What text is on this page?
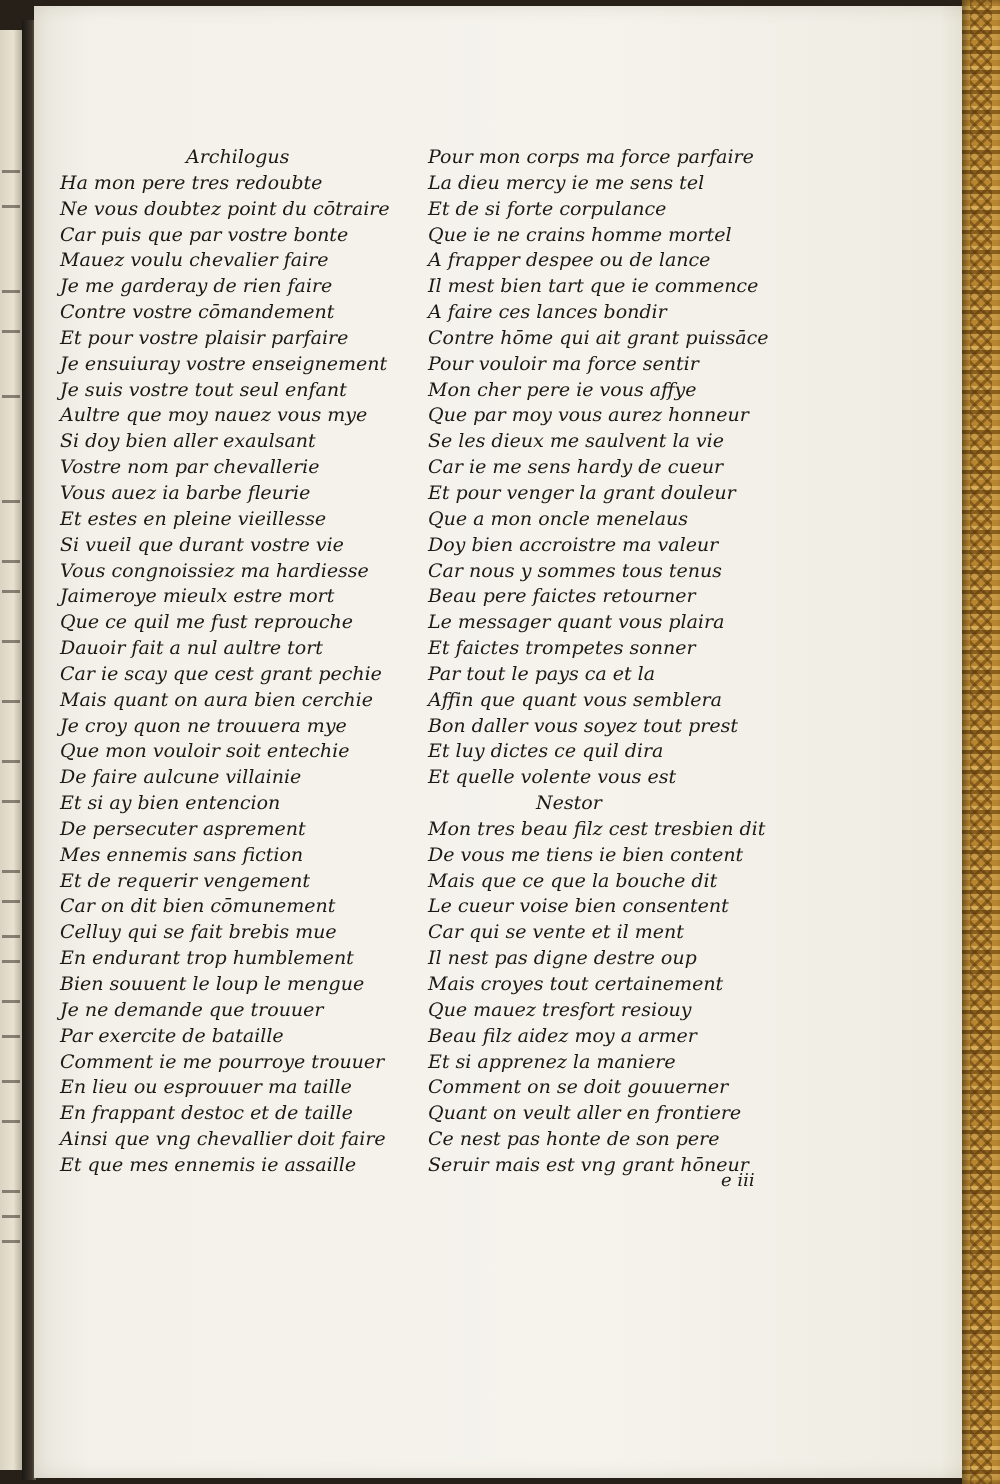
Archilogus
Ha mon pere tres redoubte
Ne vous doubtez point du cōtraire
Car puis que par vostre bonte
Mauez voulu chevalier faire
Je me garderay de rien faire
Contre vostre cōmandement
Et pour vostre plaisir parfaire
Je ensuiuray vostre enseignement
Je suis vostre tout seul enfant
Aultre que moy nauez vous mye
Si doy bien aller exaulsant
Vostre nom par chevallerie
Vous auez ia barbe fleurie
Et estes en pleine vieillesse
Si vueil que durant vostre vie
Vous congnoissiez ma hardiesse
Jaimeroye mieulx estre mort
Que ce quil me fust reprouche
Dauoir fait a nul aultre tort
Car ie scay que cest grant pechie
Mais quant on aura bien cerchie
Je croy quon ne trouuera mye
Que mon vouloir soit entechie
De faire aulcune villainie
Et si ay bien entencion
De persecuter asprement
Mes ennemis sans fiction
Et de requerir vengement
Car on dit bien cōmunement
Celluy qui se fait brebis mue
En endurant trop humblement
Bien souuent le loup le mengue
Je ne demande que trouuer
Par exercite de bataille
Comment ie me pourroye trouuer
En lieu ou esprouuer ma taille
En frappant destoc et de taille
Ainsi que vng chevallier doit faire
Et que mes ennemis ie assaille
Pour mon corps ma force parfaire
La dieu mercy ie me sens tel
Et de si forte corpulance
Que ie ne crains homme mortel
A frapper despee ou de lance
Il mest bien tart que ie commence
A faire ces lances bondir
Contre hōme qui ait grant puissāce
Pour vouloir ma force sentir
Mon cher pere ie vous affye
Que par moy vous aurez honneur
Se les dieux me saulvent la vie
Car ie me sens hardy de cueur
Et pour venger la grant douleur
Que a mon oncle menelaus
Doy bien accroistre ma valeur
Car nous y sommes tous tenus
Beau pere faictes retourner
Le messager quant vous plaira
Et faictes trompetes sonner
Par tout le pays ca et la
Affin que quant vous semblera
Bon daller vous soyez tout prest
Et luy dictes ce quil dira
Et quelle volente vous est
Nestor
Mon tres beau filz cest tresbien dit
De vous me tiens ie bien content
Mais que ce que la bouche dit
Le cueur voise bien consentent
Car qui se vente et il ment
Il nest pas digne destre oup
Mais croyes tout certainement
Que mauez tresfort resiouy
Beau filz aidez moy a armer
Et si apprenez la maniere
Comment on se doit gouuerner
Quant on veult aller en frontiere
Ce nest pas honte de son pere
Seruir mais est vng grant hōneur
e iii
